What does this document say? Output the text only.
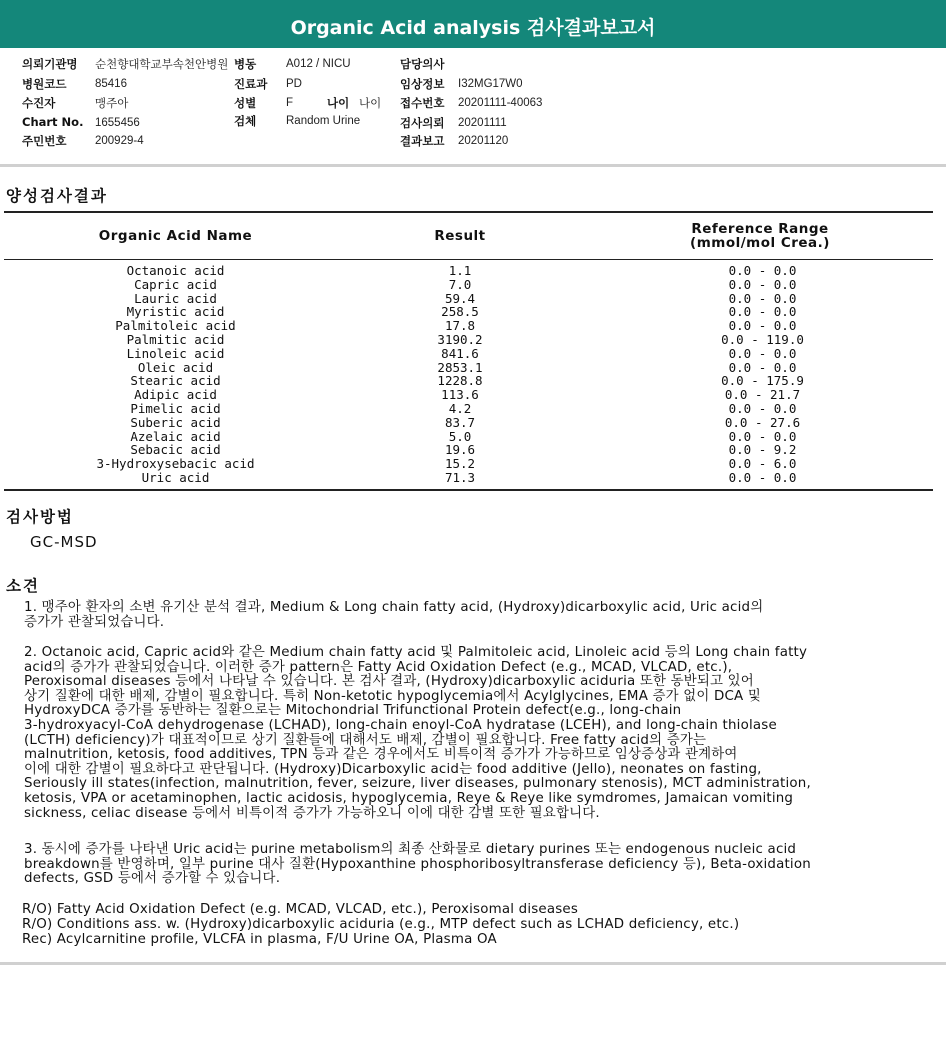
Organic Acid analysis 검사결과보고서
의뢰기관명 순천향대학교부속천안병원 병동	A012 / NICU	담당의사
병원코드 85416	진료과 PD	임상정보 I32MG17W0
수진자	맹주아	성별	F	나이 나이 접수번호 20201111-40063
Chart No. 1655456	검체	Random Urine	검사의뢰 20201111
주민번호 200929-4	결과보고 20201120
양성검사결과
Organic Acid Name	Result	Reference Range
(mmol/mol Crea.)
Octanoic acid	1.1	0.0 - 0.0
Capric acid	7.0	0.0 - 0.0
Lauric acid	59.4	0.0 - 0.0
Myristic acid	258.5	0.0 - 0.0
Palmitoleic acid	17.8	0.0 - 0.0
Palmitic acid	3190.2	0.0 - 119.0
Linoleic acid	841.6	0.0 - 0.0
Oleic acid	2853.1	0.0 - 0.0
Stearic acid	1228.8	0.0 - 175.9
Adipic acid	113.6	0.0 - 21.7
Pimelic acid	4.2	0.0 - 0.0
Suberic acid	83.7	0.0 - 27.6
Azelaic acid	5.0	0.0 - 0.0
Sebacic acid	19.6	0.0 - 9.2
3-Hydroxysebacic acid	15.2	0.0 - 6.0
Uric acid	71.3	0.0 - 0.0
검사방법
GC-MSD
소견
1. 맹주아 환자의 소변 유기산 분석 결과, Medium & Long chain fatty acid, (Hydroxy)dicarboxylic acid, Uric acid의
증가가 관찰되었습니다.
2. Octanoic acid, Capric acid와 같은 Medium chain fatty acid 및 Palmitoleic acid, Linoleic acid 등의 Long chain fatty
acid의 증가가 관찰되었습니다. 이러한 증가 pattern은 Fatty Acid Oxidation Defect (e.g., MCAD, VLCAD, etc.),
Peroxisomal diseases 등에서 나타날 수 있습니다. 본 검사 결과, (Hydroxy)dicarboxylic aciduria 또한 동반되고 있어
상기 질환에 대한 배제, 감별이 필요합니다. 특히 Non-ketotic hypoglycemia에서 Acylglycines, EMA 증가 없이 DCA 및
HydroxyDCA 증가를 동반하는 질환으로는 Mitochondrial Trifunctional Protein defect(e.g., long-chain
3-hydroxyacyl-CoA dehydrogenase (LCHAD), long-chain enoyl-CoA hydratase (LCEH), and long-chain thiolase
(LCTH) deficiency)가 대표적이므로 상기 질환들에 대해서도 배제, 감별이 필요합니다. Free fatty acid의 증가는
malnutrition, ketosis, food additives, TPN 등과 같은 경우에서도 비특이적 증가가 가능하므로 임상증상과 관계하여
이에 대한 감별이 필요하다고 판단됩니다. (Hydroxy)Dicarboxylic acid는 food additive (Jello), neonates on fasting,
Seriously ill states(infection, malnutrition, fever, seizure, liver diseases, pulmonary stenosis), MCT administration,
ketosis, VPA or acetaminophen, lactic acidosis, hypoglycemia, Reye & Reye like symdromes, Jamaican vomiting
sickness, celiac disease 등에서 비특이적 증가가 가능하오니 이에 대한 감별 또한 필요합니다.
3. 동시에 증가를 나타낸 Uric acid는 purine metabolism의 최종 산화물로 dietary purines 또는 endogenous nucleic acid
breakdown를 반영하며, 일부 purine 대사 질환(Hypoxanthine phosphoribosyltransferase deficiency 등), Beta-oxidation
defects, GSD 등에서 증가할 수 있습니다.
R/O) Fatty Acid Oxidation Defect (e.g. MCAD, VLCAD, etc.), Peroxisomal diseases
R/O) Conditions ass. w. (Hydroxy)dicarboxylic aciduria (e.g., MTP defect such as LCHAD deficiency, etc.)
Rec) Acylcarnitine profile, VLCFA in plasma, F/U Urine OA, Plasma OA
